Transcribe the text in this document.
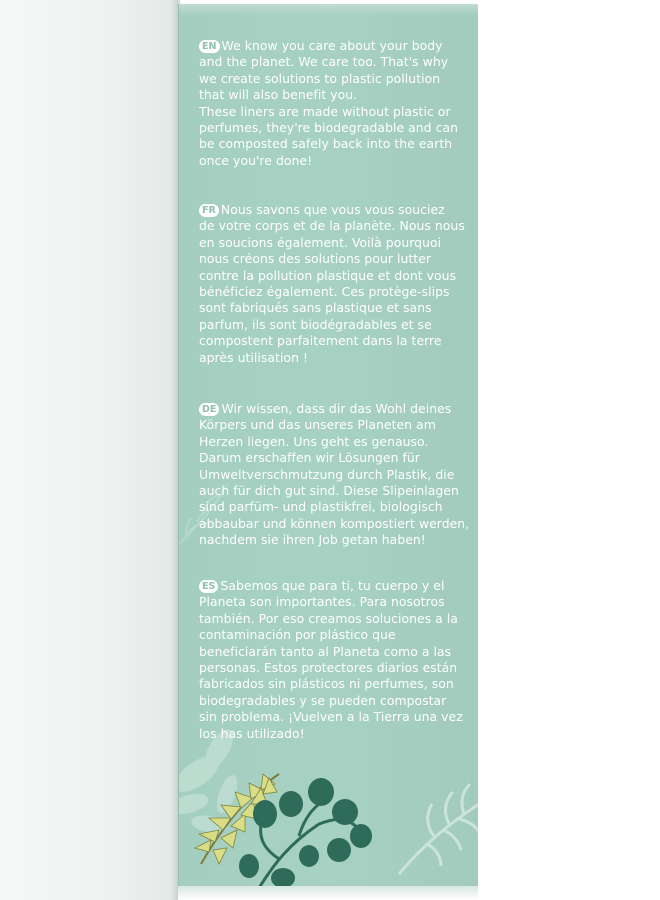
EN We know you care about your body
and the planet. We care too. That's why
we create solutions to plastic pollution
that will also benefit you.
These liners are made without plastic or
perfumes, they're biodegradable and can
be composted safely back into the earth
once you're done!
FR Nous savons que vous vous souciez
de votre corps et de la planète. Nous nous
en soucions également. Voilà pourquoi
nous créons des solutions pour lutter
contre la pollution plastique et dont vous
bénéficiez également. Ces protège-slips
sont fabriqués sans plastique et sans
parfum, ils sont biodégradables et se
compostent parfaitement dans la terre
après utilisation !
DE Wir wissen, dass dir das Wohl deines
Körpers und das unseres Planeten am
Herzen liegen. Uns geht es genauso.
Darum erschaffen wir Lösungen für
Umweltverschmutzung durch Plastik, die
auch für dich gut sind. Diese Slipeinlagen
sind parfüm- und plastikfrei, biologisch
abbaubar und können kompostiert werden,
nachdem sie ihren Job getan haben!
ES Sabemos que para ti, tu cuerpo y el
Planeta son importantes. Para nosotros
también. Por eso creamos soluciones a la
contaminación por plástico que
beneficiarán tanto al Planeta como a las
personas. Estos protectores diarios están
fabricados sin plásticos ni perfumes, son
biodegradables y se pueden compostar
sin problema. ¡Vuelven a la Tierra una vez
los has utilizado!
